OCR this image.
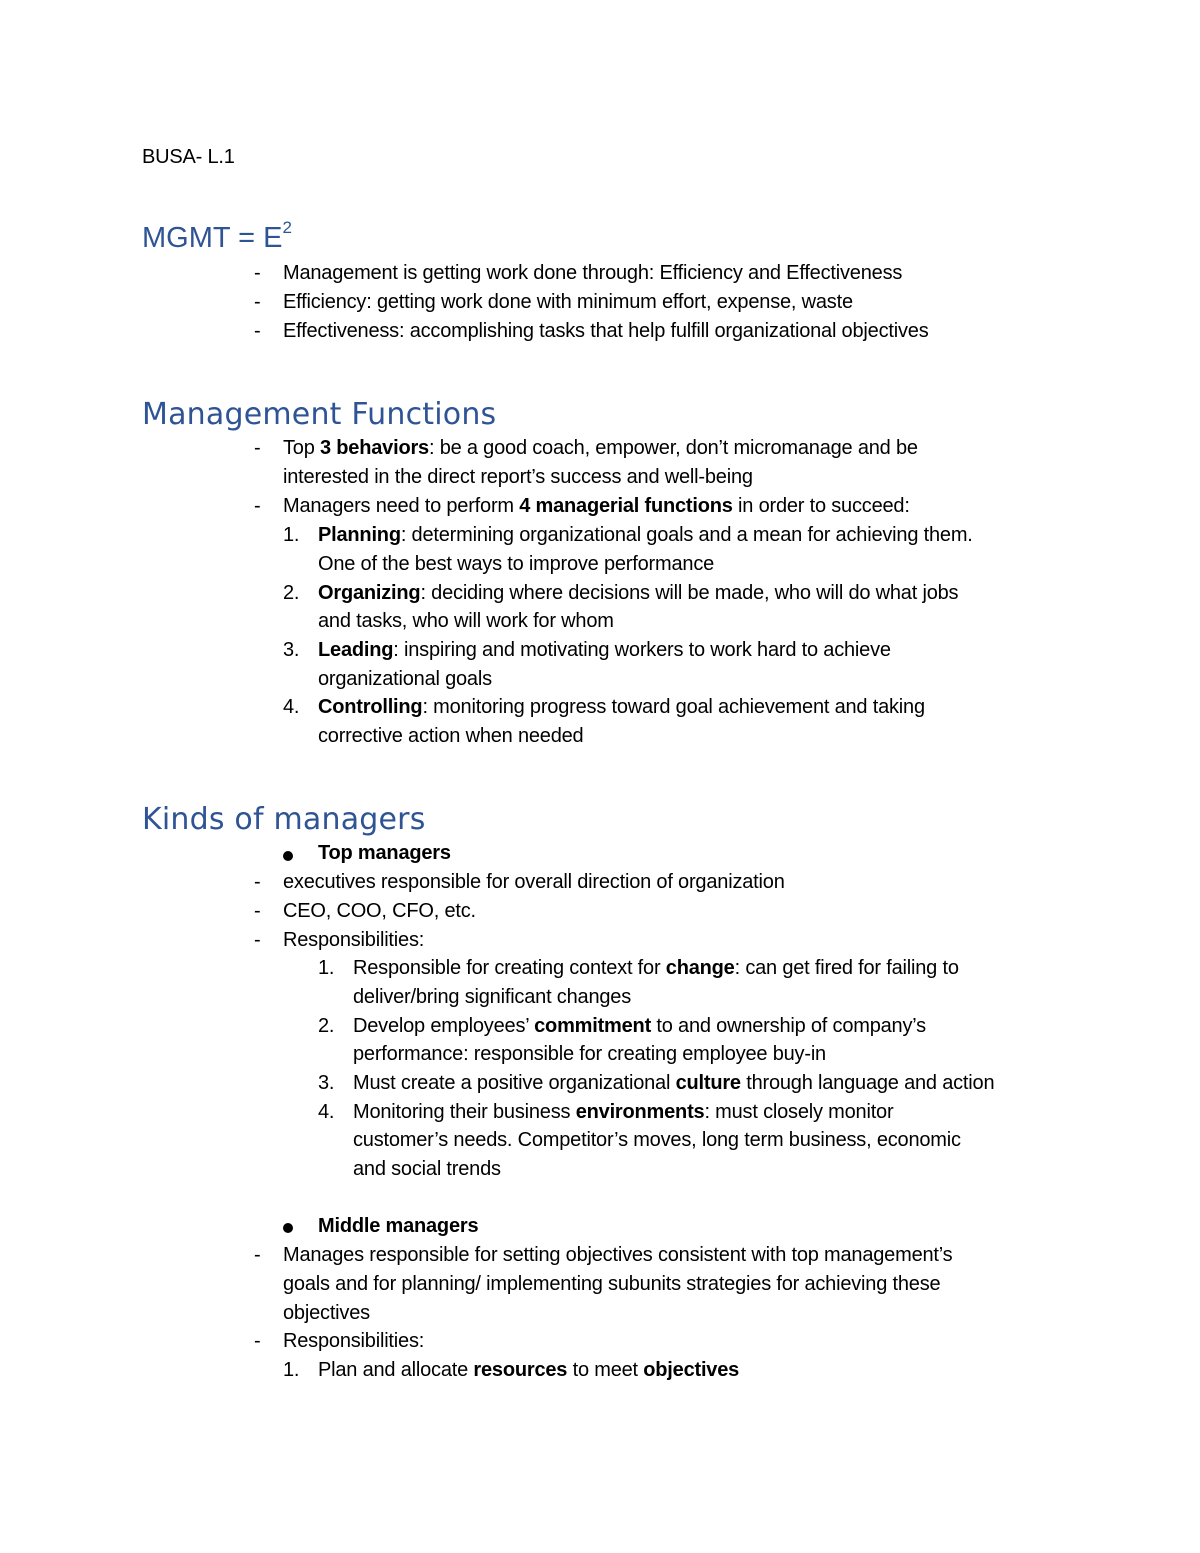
BUSA- L.1
MGMT = $E^2$
- Management is getting work done through: Efficiency and Effectiveness
- Efficiency: getting work done with minimum effort, expense, waste
- Effectiveness: accomplishing tasks that help fulfill organizational objectives
Management Functions
- Top 3 behaviors: be a good coach, empower, don’t micromanage and be
interested in the direct report’s success and well-being
- Managers need to perform 4 managerial functions in order to succeed:
1. Planning: determining organizational goals and a mean for achieving them.
One of the best ways to improve performance
2. Organizing: deciding where decisions will be made, who will do what jobs
and tasks, who will work for whom
3. Leading: inspiring and motivating workers to work hard to achieve
organizational goals
4. Controlling: monitoring progress toward goal achievement and taking
corrective action when needed
Kinds of managers
Top managers
- executives responsible for overall direction of organization
- CEO, COO, CFO, etc.
- Responsibilities:
1. Responsible for creating context for change: can get fired for failing to
deliver/bring significant changes
2. Develop employees’ commitment to and ownership of company’s
performance: responsible for creating employee buy-in
3. Must create a positive organizational culture through language and action
4. Monitoring their business environments: must closely monitor
customer’s needs. Competitor’s moves, long term business, economic
and social trends
Middle managers
- Manages responsible for setting objectives consistent with top management’s
goals and for planning/ implementing subunits strategies for achieving these
objectives
- Responsibilities:
1. Plan and allocate resources to meet objectives
